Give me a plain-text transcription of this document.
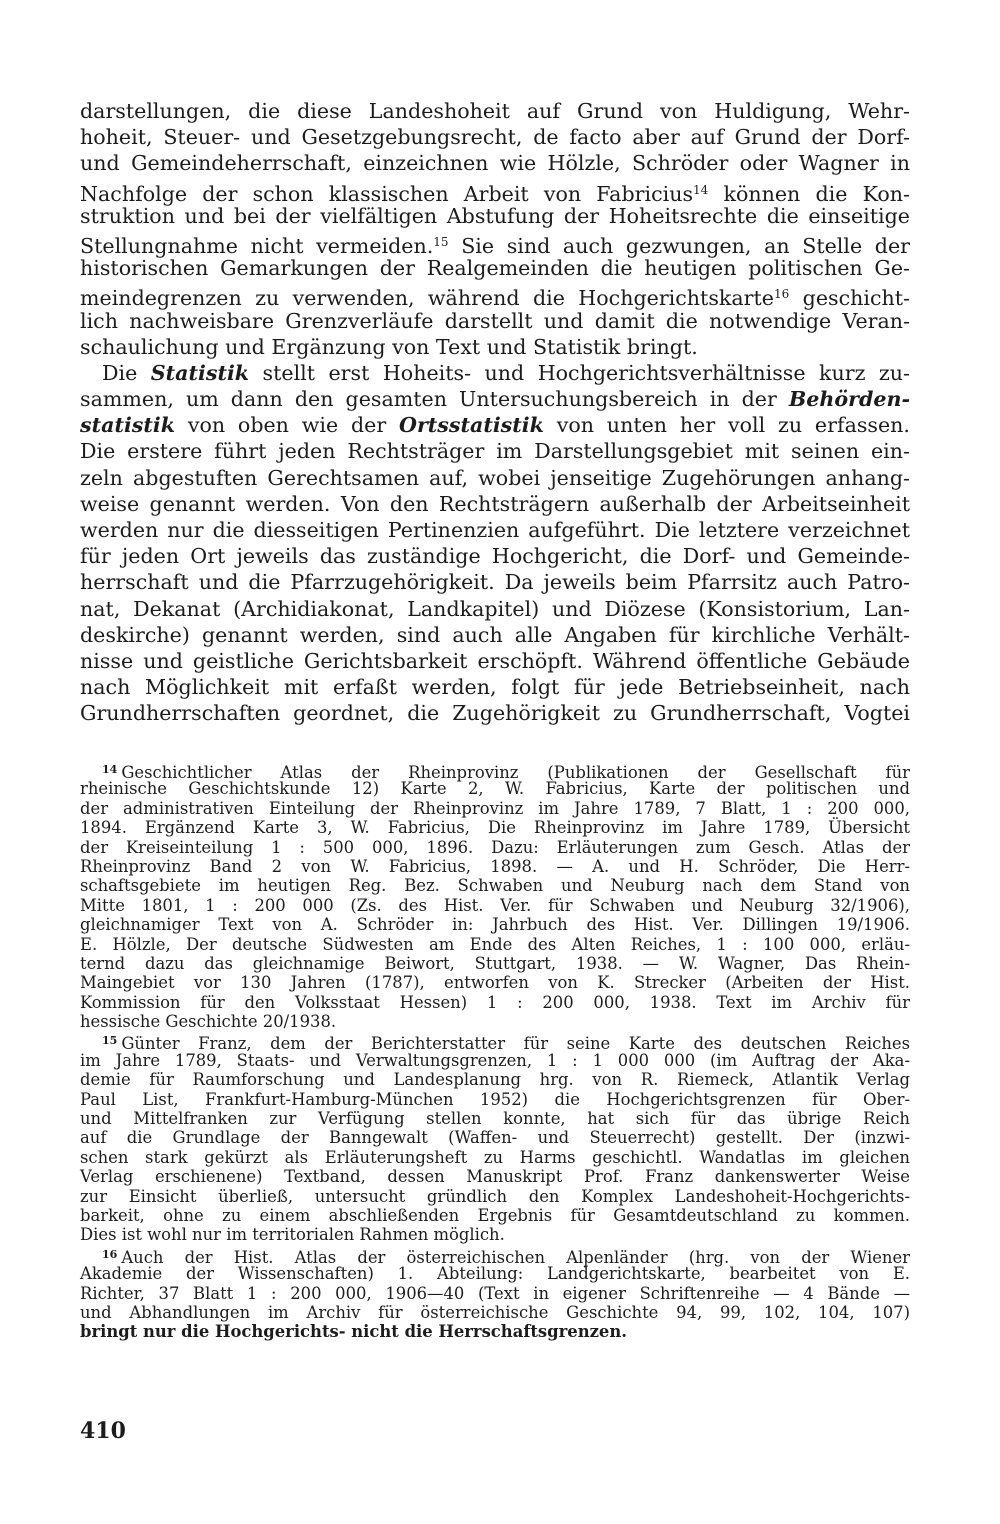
darstellungen, die diese Landeshoheit auf Grund von Huldigung, Wehr-
hoheit, Steuer- und Gesetzgebungsrecht, de facto aber auf Grund der Dorf-
und Gemeindeherrschaft, einzeichnen wie Hölzle, Schröder oder Wagner in
Nachfolge der schon klassischen Arbeit von Fabricius$^{14}$ können die Kon-
struktion und bei der vielfältigen Abstufung der Hoheitsrechte die einseitige
Stellungnahme nicht vermeiden.$^{15}$ Sie sind auch gezwungen, an Stelle der
historischen Gemarkungen der Realgemeinden die heutigen politischen Ge-
meindegrenzen zu verwenden, während die Hochgerichtskarte$^{16}$ geschicht-
lich nachweisbare Grenzverläufe darstellt und damit die notwendige Veran-
schaulichung und Ergänzung von Text und Statistik bringt.
Die Statistik stellt erst Hoheits- und Hochgerichtsverhältnisse kurz zu-
sammen, um dann den gesamten Untersuchungsbereich in der Behörden-
statistik von oben wie der Ortsstatistik von unten her voll zu erfassen.
Die erstere führt jeden Rechtsträger im Darstellungsgebiet mit seinen ein-
zeln abgestuften Gerechtsamen auf, wobei jenseitige Zugehörungen anhang-
weise genannt werden. Von den Rechtsträgern außerhalb der Arbeitseinheit
werden nur die diesseitigen Pertinenzien aufgeführt. Die letztere verzeichnet
für jeden Ort jeweils das zuständige Hochgericht, die Dorf- und Gemeinde-
herrschaft und die Pfarrzugehörigkeit. Da jeweils beim Pfarrsitz auch Patro-
nat, Dekanat (Archidiakonat, Landkapitel) und Diözese (Konsistorium, Lan-
deskirche) genannt werden, sind auch alle Angaben für kirchliche Verhält-
nisse und geistliche Gerichtsbarkeit erschöpft. Während öffentliche Gebäude
nach Möglichkeit mit erfaßt werden, folgt für jede Betriebseinheit, nach
Grundherrschaften geordnet, die Zugehörigkeit zu Grundherrschaft, Vogtei
$^{14}$ Geschichtlicher Atlas der Rheinprovinz (Publikationen der Gesellschaft für
rheinische Geschichtskunde 12) Karte 2, W. Fabricius, Karte der politischen und
der administrativen Einteilung der Rheinprovinz im Jahre 1789, 7 Blatt, 1 : 200 000,
1894. Ergänzend Karte 3, W. Fabricius, Die Rheinprovinz im Jahre 1789, Übersicht
der Kreiseinteilung 1 : 500 000, 1896. Dazu: Erläuterungen zum Gesch. Atlas der
Rheinprovinz Band 2 von W. Fabricius, 1898. — A. und H. Schröder, Die Herr-
schaftsgebiete im heutigen Reg. Bez. Schwaben und Neuburg nach dem Stand von
Mitte 1801, 1 : 200 000 (Zs. des Hist. Ver. für Schwaben und Neuburg 32/1906),
gleichnamiger Text von A. Schröder in: Jahrbuch des Hist. Ver. Dillingen 19/1906.
E. Hölzle, Der deutsche Südwesten am Ende des Alten Reiches, 1 : 100 000, erläu-
ternd dazu das gleichnamige Beiwort, Stuttgart, 1938. — W. Wagner, Das Rhein-
Maingebiet vor 130 Jahren (1787), entworfen von K. Strecker (Arbeiten der Hist.
Kommission für den Volksstaat Hessen) 1 : 200 000, 1938. Text im Archiv für
hessische Geschichte 20/1938.
$^{15}$ Günter Franz, dem der Berichterstatter für seine Karte des deutschen Reiches
im Jahre 1789, Staats- und Verwaltungsgrenzen, 1 : 1 000 000 (im Auftrag der Aka-
demie für Raumforschung und Landesplanung hrg. von R. Riemeck, Atlantik Verlag
Paul List, Frankfurt-Hamburg-München 1952) die Hochgerichtsgrenzen für Ober-
und Mittelfranken zur Verfügung stellen konnte, hat sich für das übrige Reich
auf die Grundlage der Banngewalt (Waffen- und Steuerrecht) gestellt. Der (inzwi-
schen stark gekürzt als Erläuterungsheft zu Harms geschichtl. Wandatlas im gleichen
Verlag erschienene) Textband, dessen Manuskript Prof. Franz dankenswerter Weise
zur Einsicht überließ, untersucht gründlich den Komplex Landeshoheit-Hochgerichts-
barkeit, ohne zu einem abschließenden Ergebnis für Gesamtdeutschland zu kommen.
Dies ist wohl nur im territorialen Rahmen möglich.
$^{16}$ Auch der Hist. Atlas der österreichischen Alpenländer (hrg. von der Wiener
Akademie der Wissenschaften) 1. Abteilung: Landgerichtskarte, bearbeitet von E.
Richter, 37 Blatt 1 : 200 000, 1906—40 (Text in eigener Schriftenreihe — 4 Bände —
und Abhandlungen im Archiv für österreichische Geschichte 94, 99, 102, 104, 107)
bringt nur die Hochgerichts- nicht die Herrschaftsgrenzen.
410
